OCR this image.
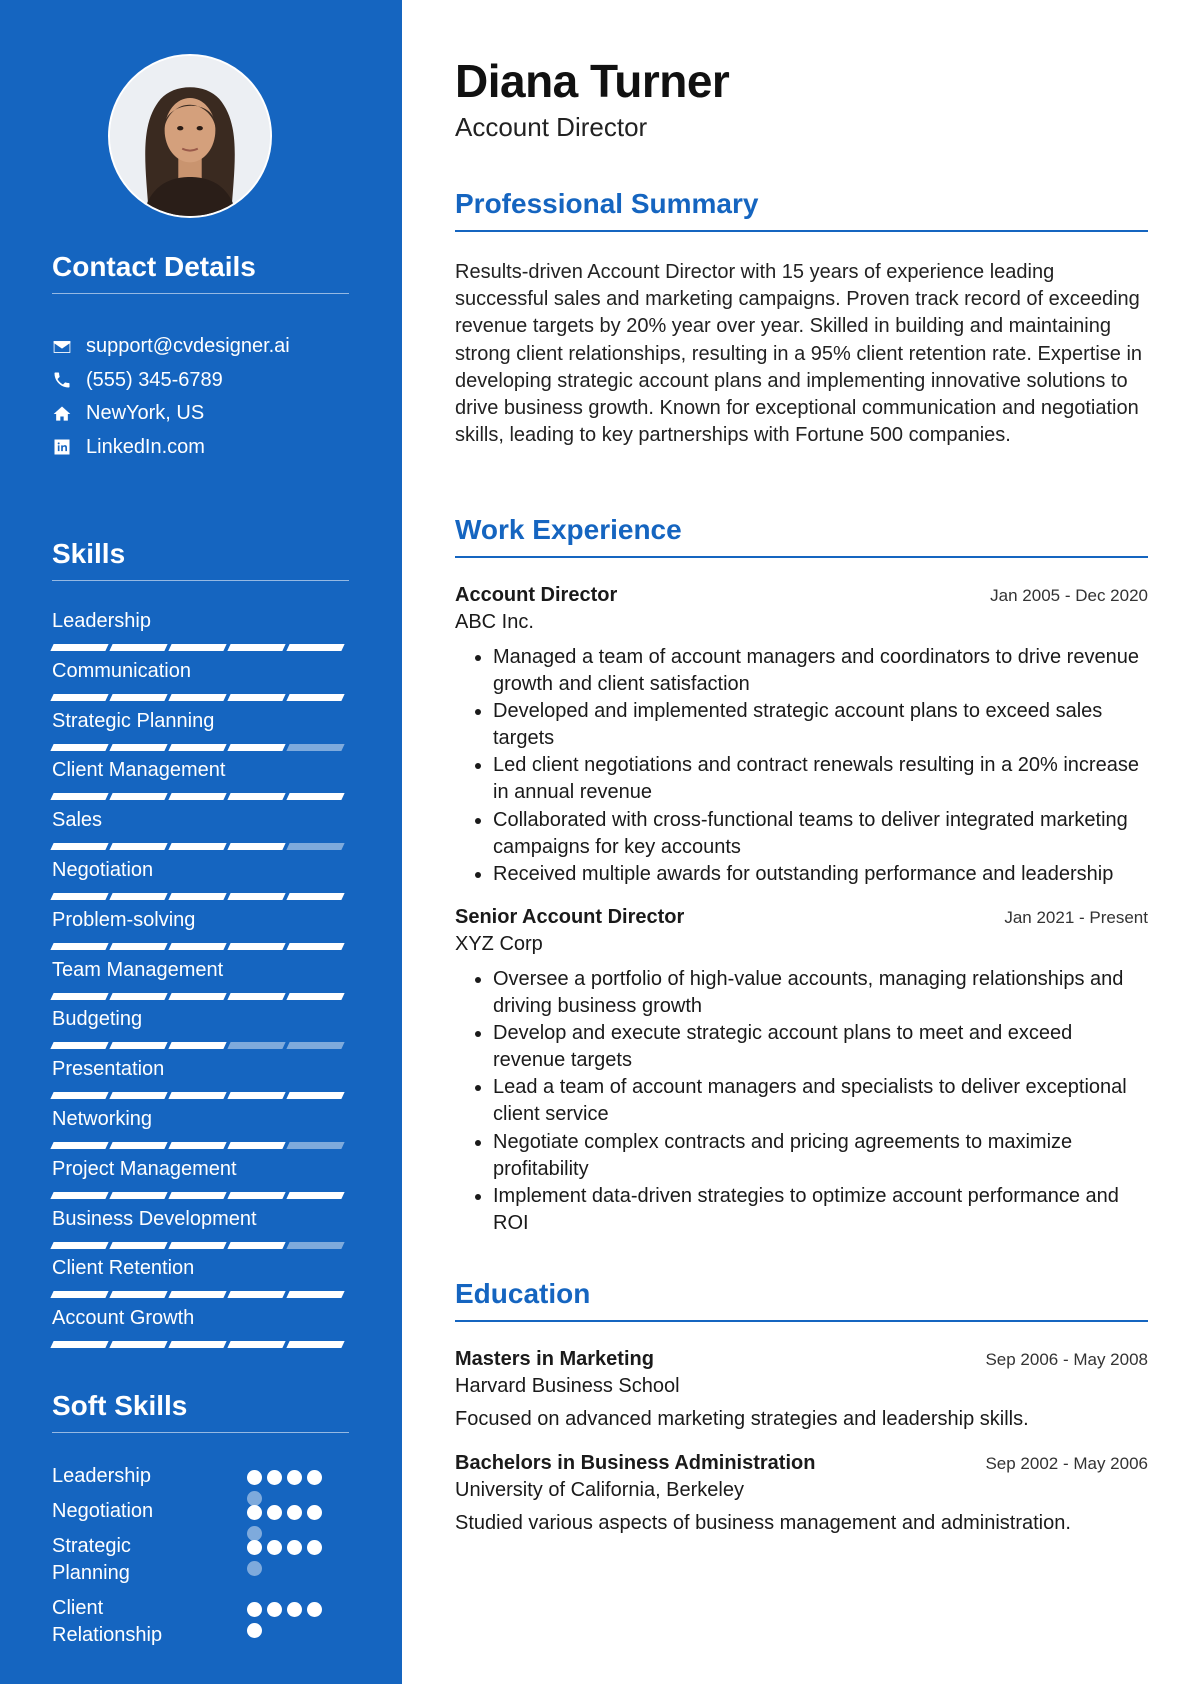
Contact Details
support@cvdesigner.ai
(555) 345-6789
NewYork, US
LinkedIn.com
Skills
Leadership
Communication
Strategic Planning
Client Management
Sales
Negotiation
Problem-solving
Team Management
Budgeting
Presentation
Networking
Project Management
Business Development
Client Retention
Account Growth
Soft Skills
Leadership
Negotiation
Strategic Planning
Client Relationship
Diana Turner
Account Director
Professional Summary
Results-driven Account Director with 15 years of experience leading successful sales and marketing campaigns. Proven track record of exceeding revenue targets by 20% year over year. Skilled in building and maintaining strong client relationships, resulting in a 95% client retention rate. Expertise in developing strategic account plans and implementing innovative solutions to drive business growth. Known for exceptional communication and negotiation skills, leading to key partnerships with Fortune 500 companies.
Work Experience
Account Director	Jan 2005 - Dec 2020
ABC Inc.
• Managed a team of account managers and coordinators to drive revenue growth and client satisfaction
• Developed and implemented strategic account plans to exceed sales targets
• Led client negotiations and contract renewals resulting in a 20% increase in annual revenue
• Collaborated with cross-functional teams to deliver integrated marketing campaigns for key accounts
• Received multiple awards for outstanding performance and leadership
Senior Account Director	Jan 2021 - Present
XYZ Corp
• Oversee a portfolio of high-value accounts, managing relationships and driving business growth
• Develop and execute strategic account plans to meet and exceed revenue targets
• Lead a team of account managers and specialists to deliver exceptional client service
• Negotiate complex contracts and pricing agreements to maximize profitability
• Implement data-driven strategies to optimize account performance and ROI
Education
Masters in Marketing	Sep 2006 - May 2008
Harvard Business School
Focused on advanced marketing strategies and leadership skills.
Bachelors in Business Administration	Sep 2002 - May 2006
University of California, Berkeley
Studied various aspects of business management and administration.
